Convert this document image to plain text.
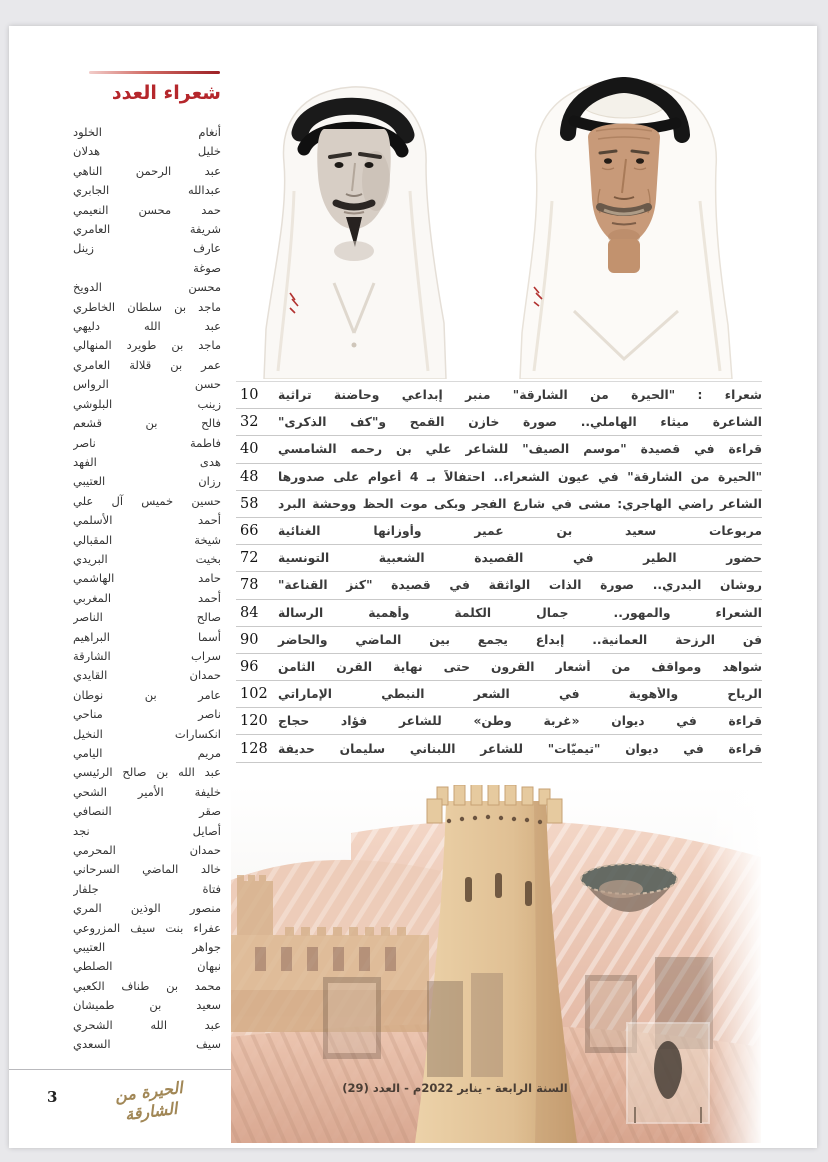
شعراء العدد
أنغام الخلود
خليل هدلان
عبد الرحمن الناهي
عبدالله الجابري
حمد محسن النعيمي
شريفة العامري
عارف زينل
صوغة
محسن الدويخ
ماجد بن سلطان الخاطري
عبد الله دليهي
ماجد بن طويرد المنهالي
عمر بن قلالة العامري
حسن الرواس
زينب البلوشي
فالح بن قشعم
فاطمة ناصر
هدى الفهد
رزان العتيبي
حسين خميس آل علي
أحمد الأسلمي
شيخة المقبالي
بخيت البريدي
حامد الهاشمي
أحمد المغربي
صالح الناصر
أسما البراهيم
سراب الشارقة
حمدان القايدي
عامر بن نوطان
ناصر مناحي
انكسارات النخيل
مريم اليامي
عبد الله بن صالح الرئيسي
خليفة الأمير الشحي
صقر النصافي
أصايل نجد
حمدان المحرمي
خالد الماضي السرحاني
فتاة جلفار
منصور الوذين المري
عفراء بنت سيف المزروعي
جواهر العتيبي
نبهان الصلطي
محمد بن طناف الكعبي
سعيد بن طميشان
عبد الله الشحري
سيف السعدي
3	الحيرة من الشارقة
10	شعراء : "الحيرة من الشارقة" منبر إبداعي وحاضنة تراثية
32	الشاعرة ميثاء الهاملي.. صورة خازن القمح و"كف الذكرى"
40	قراءة في قصيدة "موسم الصيف" للشاعر علي بن رحمه الشامسي
48	"الحيرة من الشارقة" في عيون الشعراء.. احتفالاً بـ 4 أعوام على صدورها
58	الشاعر راضي الهاجري: مشى في شارع الفجر وبكى موت الحظ ووحشة البرد
66	مربوعات سعيد بن عمير وأوزانها الغنائية
72	حضور الطير في القصيدة الشعبية التونسية
78	روشان البدري.. صورة الذات الواثقة في قصيدة "كنز القناعة"
84	الشعراء والمهور.. جمال الكلمة وأهمية الرسالة
90	فن الرزحة العمانية.. إبداع يجمع بين الماضي والحاضر
96	شواهد ومواقف من أشعار القرون حتى نهاية القرن الثامن
102 الرياح والأهوية في الشعر النبطي الإماراتي
120 قراءة في ديوان «غربة وطن» للشاعر فؤاد حجاج
128 قراءة في ديوان "تيميّات" للشاعر اللبناني سليمان حديفة
السنة الرابعة - يناير 2022م - العدد (29)
